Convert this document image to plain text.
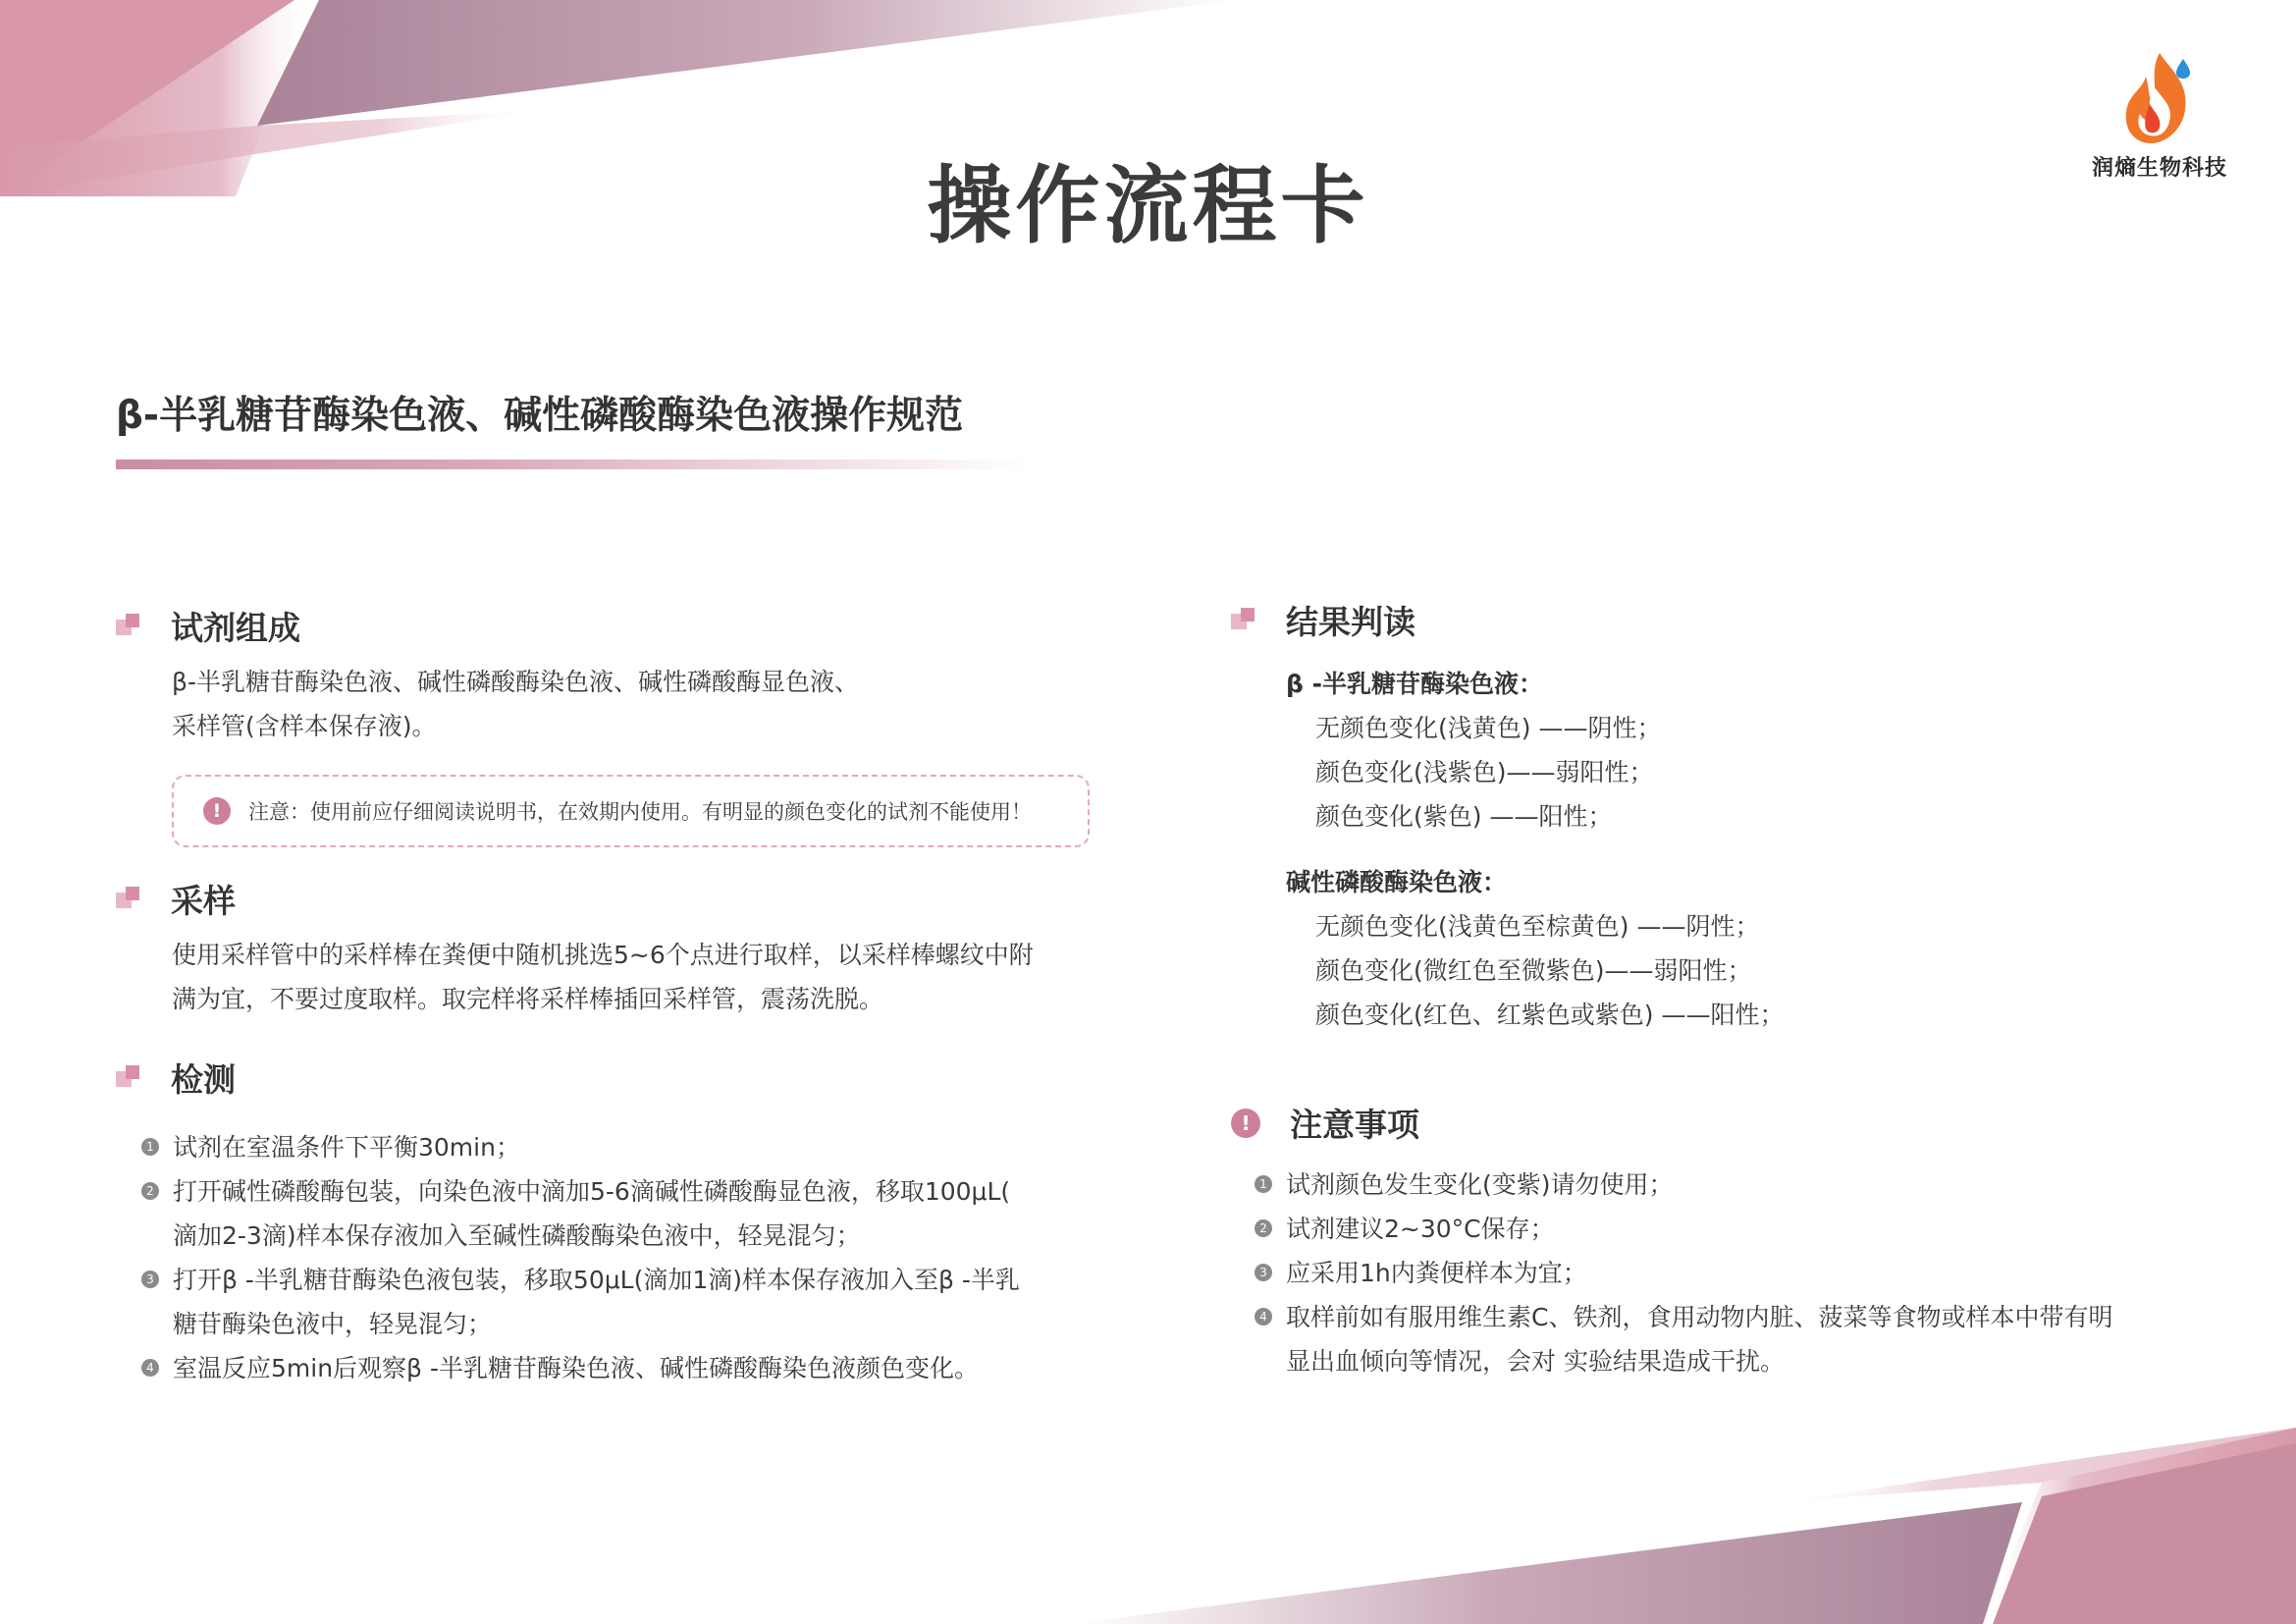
操作流程卡	润熵生物科技
β-半乳糖苷酶染色液、碱性磷酸酶染色液操作规范
试剂组成
β-半乳糖苷酶染色液、碱性磷酸酶染色液、碱性磷酸酶显色液、
采样管(含样本保存液)。
!	注意：使用前应仔细阅读说明书，在效期内使用。有明显的颜色变化的试剂不能使用！
采样
使用采样管中的采样棒在粪便中随机挑选5~6个点进行取样，以采样棒螺纹中附
满为宜，不要过度取样。取完样将采样棒插回采样管，震荡洗脱。
检测
1 试剂在室温条件下平衡30min；
2 打开碱性磷酸酶包装，向染色液中滴加5-6滴碱性磷酸酶显色液，移取100μL(
滴加2-3滴)样本保存液加入至碱性磷酸酶染色液中，轻晃混匀；
3 打开β -半乳糖苷酶染色液包装，移取50μL(滴加1滴)样本保存液加入至β -半乳
糖苷酶染色液中，轻晃混匀；
4 室温反应5min后观察β -半乳糖苷酶染色液、碱性磷酸酶染色液颜色变化。
结果判读
β -半乳糖苷酶染色液：
无颜色变化(浅黄色) ——阴性；
颜色变化(浅紫色)——弱阳性；
颜色变化(紫色) ——阳性；
碱性磷酸酶染色液：
无颜色变化(浅黄色至棕黄色) ——阴性；
颜色变化(微红色至微紫色)——弱阳性；
颜色变化(红色、红紫色或紫色) ——阳性；
!	注意事项
1 试剂颜色发生变化(变紫)请勿使用；
2 试剂建议2~30°C保存；
3 应采用1h内粪便样本为宜；
4 取样前如有服用维生素C、铁剂，食用动物内脏、菠菜等食物或样本中带有明
显出血倾向等情况，会对 实验结果造成干扰。
